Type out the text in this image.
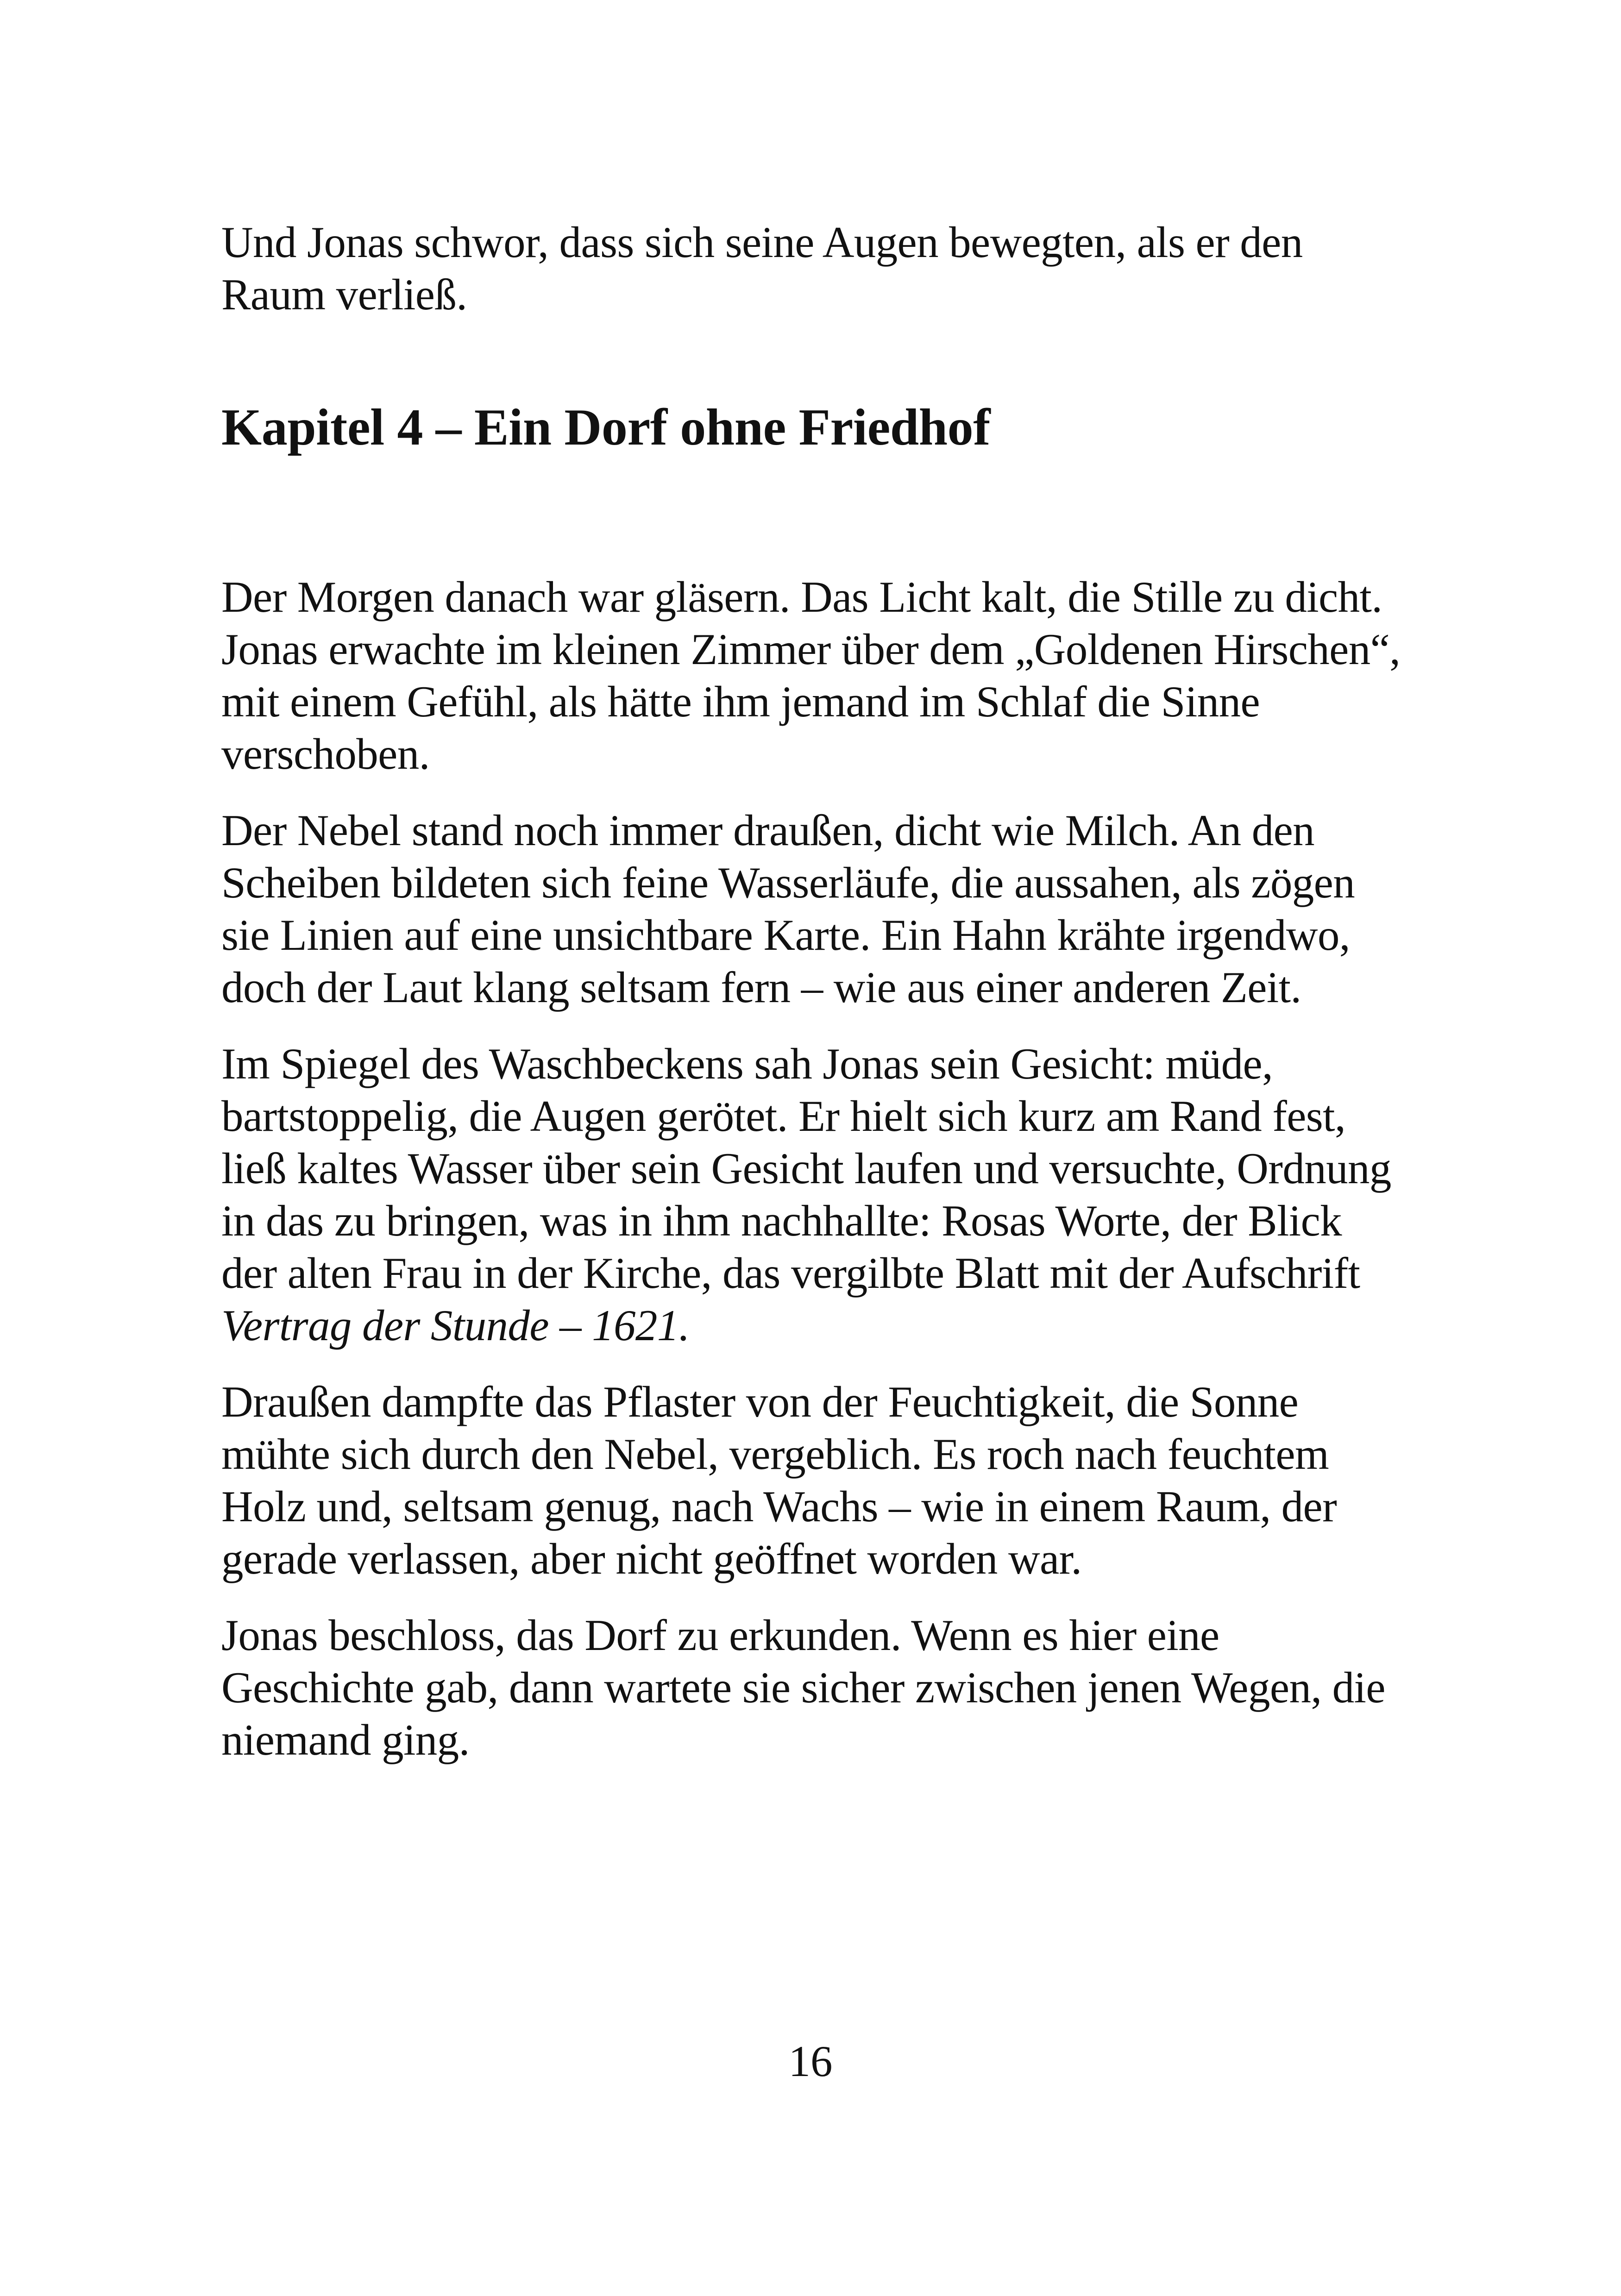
Und Jonas schwor, dass sich seine Augen bewegten, als er den Raum verließ.

Kapitel 4 – Ein Dorf ohne Friedhof

Der Morgen danach war gläsern. Das Licht kalt, die Stille zu dicht. Jonas erwachte im kleinen Zimmer über dem „Goldenen Hirschen“, mit einem Gefühl, als hätte ihm jemand im Schlaf die Sinne verschoben.

Der Nebel stand noch immer draußen, dicht wie Milch. An den Scheiben bildeten sich feine Wasserläufe, die aussahen, als zögen sie Linien auf eine unsichtbare Karte. Ein Hahn krähte irgendwo, doch der Laut klang seltsam fern – wie aus einer anderen Zeit.

Im Spiegel des Waschbeckens sah Jonas sein Gesicht: müde, bartstoppelig, die Augen gerötet. Er hielt sich kurz am Rand fest, ließ kaltes Wasser über sein Gesicht laufen und versuchte, Ordnung in das zu bringen, was in ihm nachhallte: Rosas Worte, der Blick der alten Frau in der Kirche, das vergilbte Blatt mit der Aufschrift Vertrag der Stunde – 1621.

Draußen dampfte das Pflaster von der Feuchtigkeit, die Sonne mühte sich durch den Nebel, vergeblich. Es roch nach feuchtem Holz und, seltsam genug, nach Wachs – wie in einem Raum, der gerade verlassen, aber nicht geöffnet worden war.

Jonas beschloss, das Dorf zu erkunden. Wenn es hier eine Geschichte gab, dann wartete sie sicher zwischen jenen Wegen, die niemand ging.

16
